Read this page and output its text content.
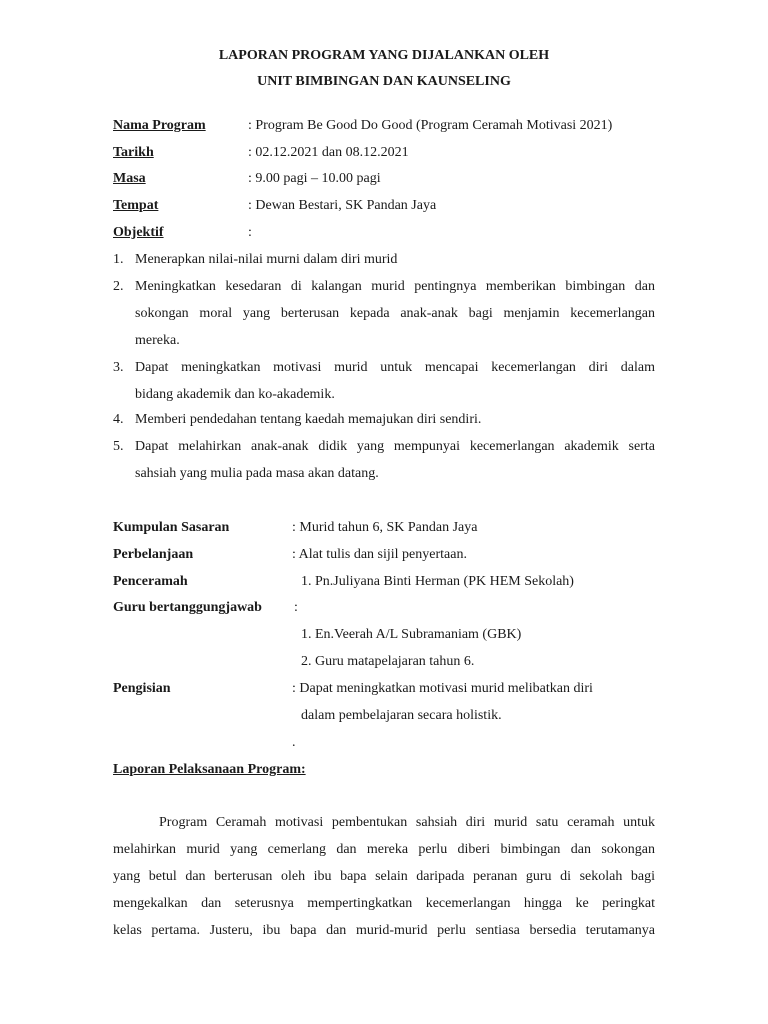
LAPORAN PROGRAM YANG DIJALANKAN OLEH
UNIT BIMBINGAN DAN KAUNSELING
Nama Program	: Program Be Good Do Good (Program Ceramah Motivasi 2021)
Tarikh	: 02.12.2021 dan 08.12.2021
Masa	: 9.00 pagi – 10.00 pagi
Tempat	: Dewan Bestari, SK Pandan Jaya
Objektif	:
1. Menerapkan nilai-nilai murni dalam diri murid
2. Meningkatkan kesedaran di kalangan murid pentingnya memberikan bimbingan dan
sokongan moral yang berterusan kepada anak-anak bagi menjamin kecemerlangan
mereka.
3. Dapat meningkatkan motivasi murid untuk mencapai kecemerlangan diri dalam
bidang akademik dan ko-akademik.
4. Memberi pendedahan tentang kaedah memajukan diri sendiri.
5. Dapat melahirkan anak-anak didik yang mempunyai kecemerlangan akademik serta
sahsiah yang mulia pada masa akan datang.
Kumpulan Sasaran	: Murid tahun 6, SK Pandan Jaya
Perbelanjaan	: Alat tulis dan sijil penyertaan.
Penceramah	1. Pn.Juliyana Binti Herman (PK HEM Sekolah)
Guru bertanggungjawab :
1. En.Veerah A/L Subramaniam (GBK)
2. Guru matapelajaran tahun 6.
Pengisian	: Dapat meningkatkan motivasi murid melibatkan diri
dalam pembelajaran secara holistik.
.
Laporan Pelaksanaan Program:
Program Ceramah motivasi pembentukan sahsiah diri murid satu ceramah untuk
melahirkan murid yang cemerlang dan mereka perlu diberi bimbingan dan sokongan
yang betul dan berterusan oleh ibu bapa selain daripada peranan guru di sekolah bagi
mengekalkan dan seterusnya mempertingkatkan kecemerlangan hingga ke peringkat
kelas pertama. Justeru, ibu bapa dan murid-murid perlu sentiasa bersedia terutamanya
